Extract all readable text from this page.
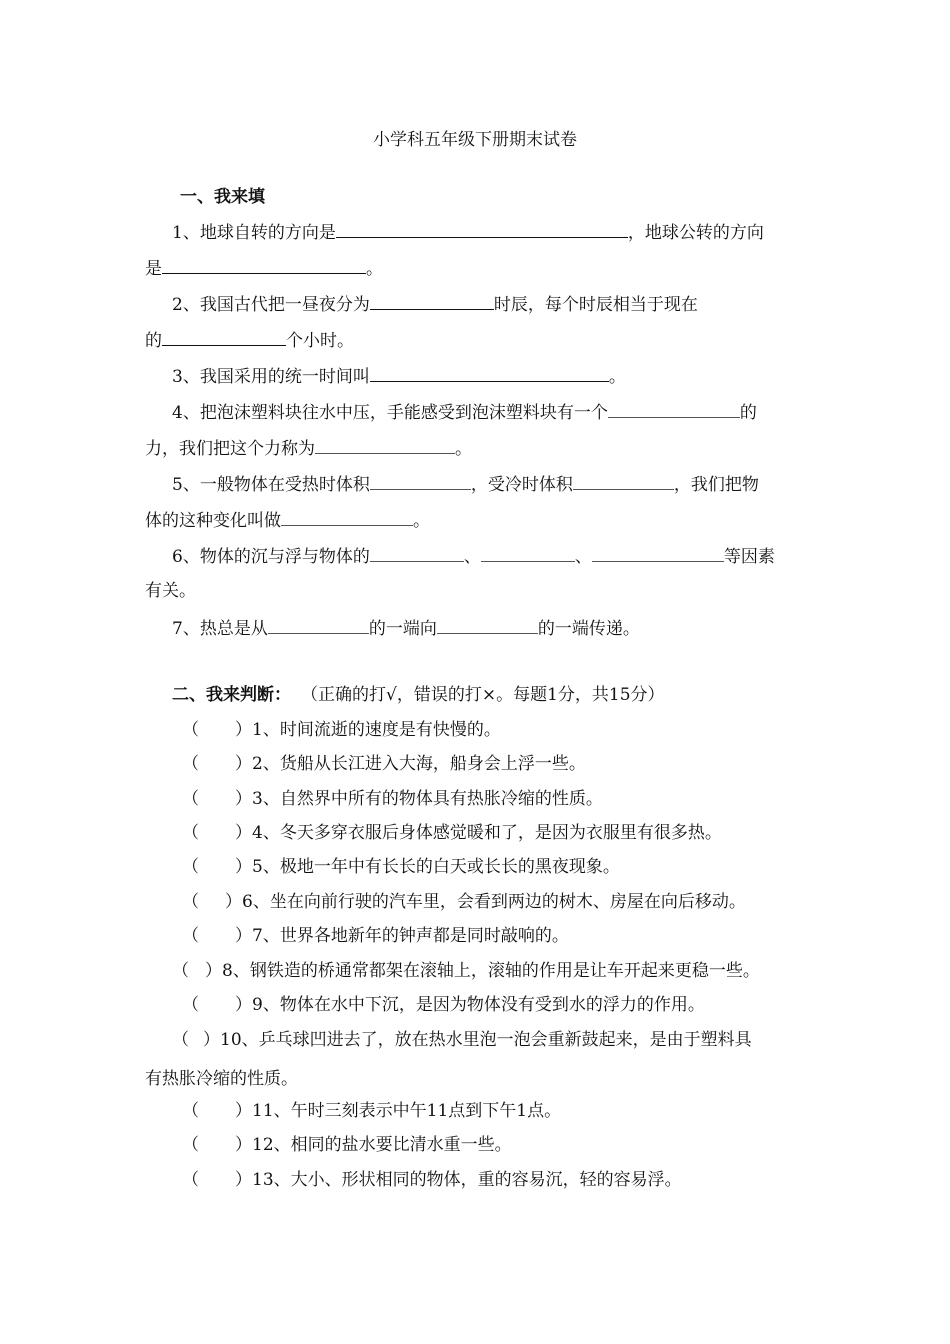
小学科五年级下册期末试卷
一、我来填
1、地球自转的方向是	，地球公转的方向
是	。
2、我国古代把一昼夜分为	时辰，每个时辰相当于现在
的	个小时。
3、我国采用的统一时间叫	。
4、把泡沫塑料块往水中压，手能感受到泡沫塑料块有一个	的
力，我们把这个力称为	。
5、一般物体在受热时体积	，受冷时体积	，我们把物
体的这种变化叫做	。
6、物体的沉与浮与物体的	、	、	等因素
有关。
7、热总是从	的一端向	的一端传递。
二、我来判断： （正确的打√，错误的打×。每题1分，共15分）
（ ）1、时间流逝的速度是有快慢的。
（ ）2、货船从长江进入大海，船身会上浮一些。
（ ）3、自然界中所有的物体具有热胀冷缩的性质。
（ ）4、冬天多穿衣服后身体感觉暖和了，是因为衣服里有很多热。
（ ）5、极地一年中有长长的白天或长长的黑夜现象。
（ ）6、坐在向前行驶的汽车里，会看到两边的树木、房屋在向后移动。
（ ）7、世界各地新年的钟声都是同时敲响的。
（ ）8、钢铁造的桥通常都架在滚轴上，滚轴的作用是让车开起来更稳一些。
（ ）9、物体在水中下沉，是因为物体没有受到水的浮力的作用。
（ ）10、乒乓球凹进去了，放在热水里泡一泡会重新鼓起来，是由于塑料具
（ ）11、午时三刻表示中午11点到下午1点。
（ ）12、相同的盐水要比清水重一些。
（ ）13、大小、形状相同的物体，重的容易沉，轻的容易浮。
有热胀冷缩的性质。
